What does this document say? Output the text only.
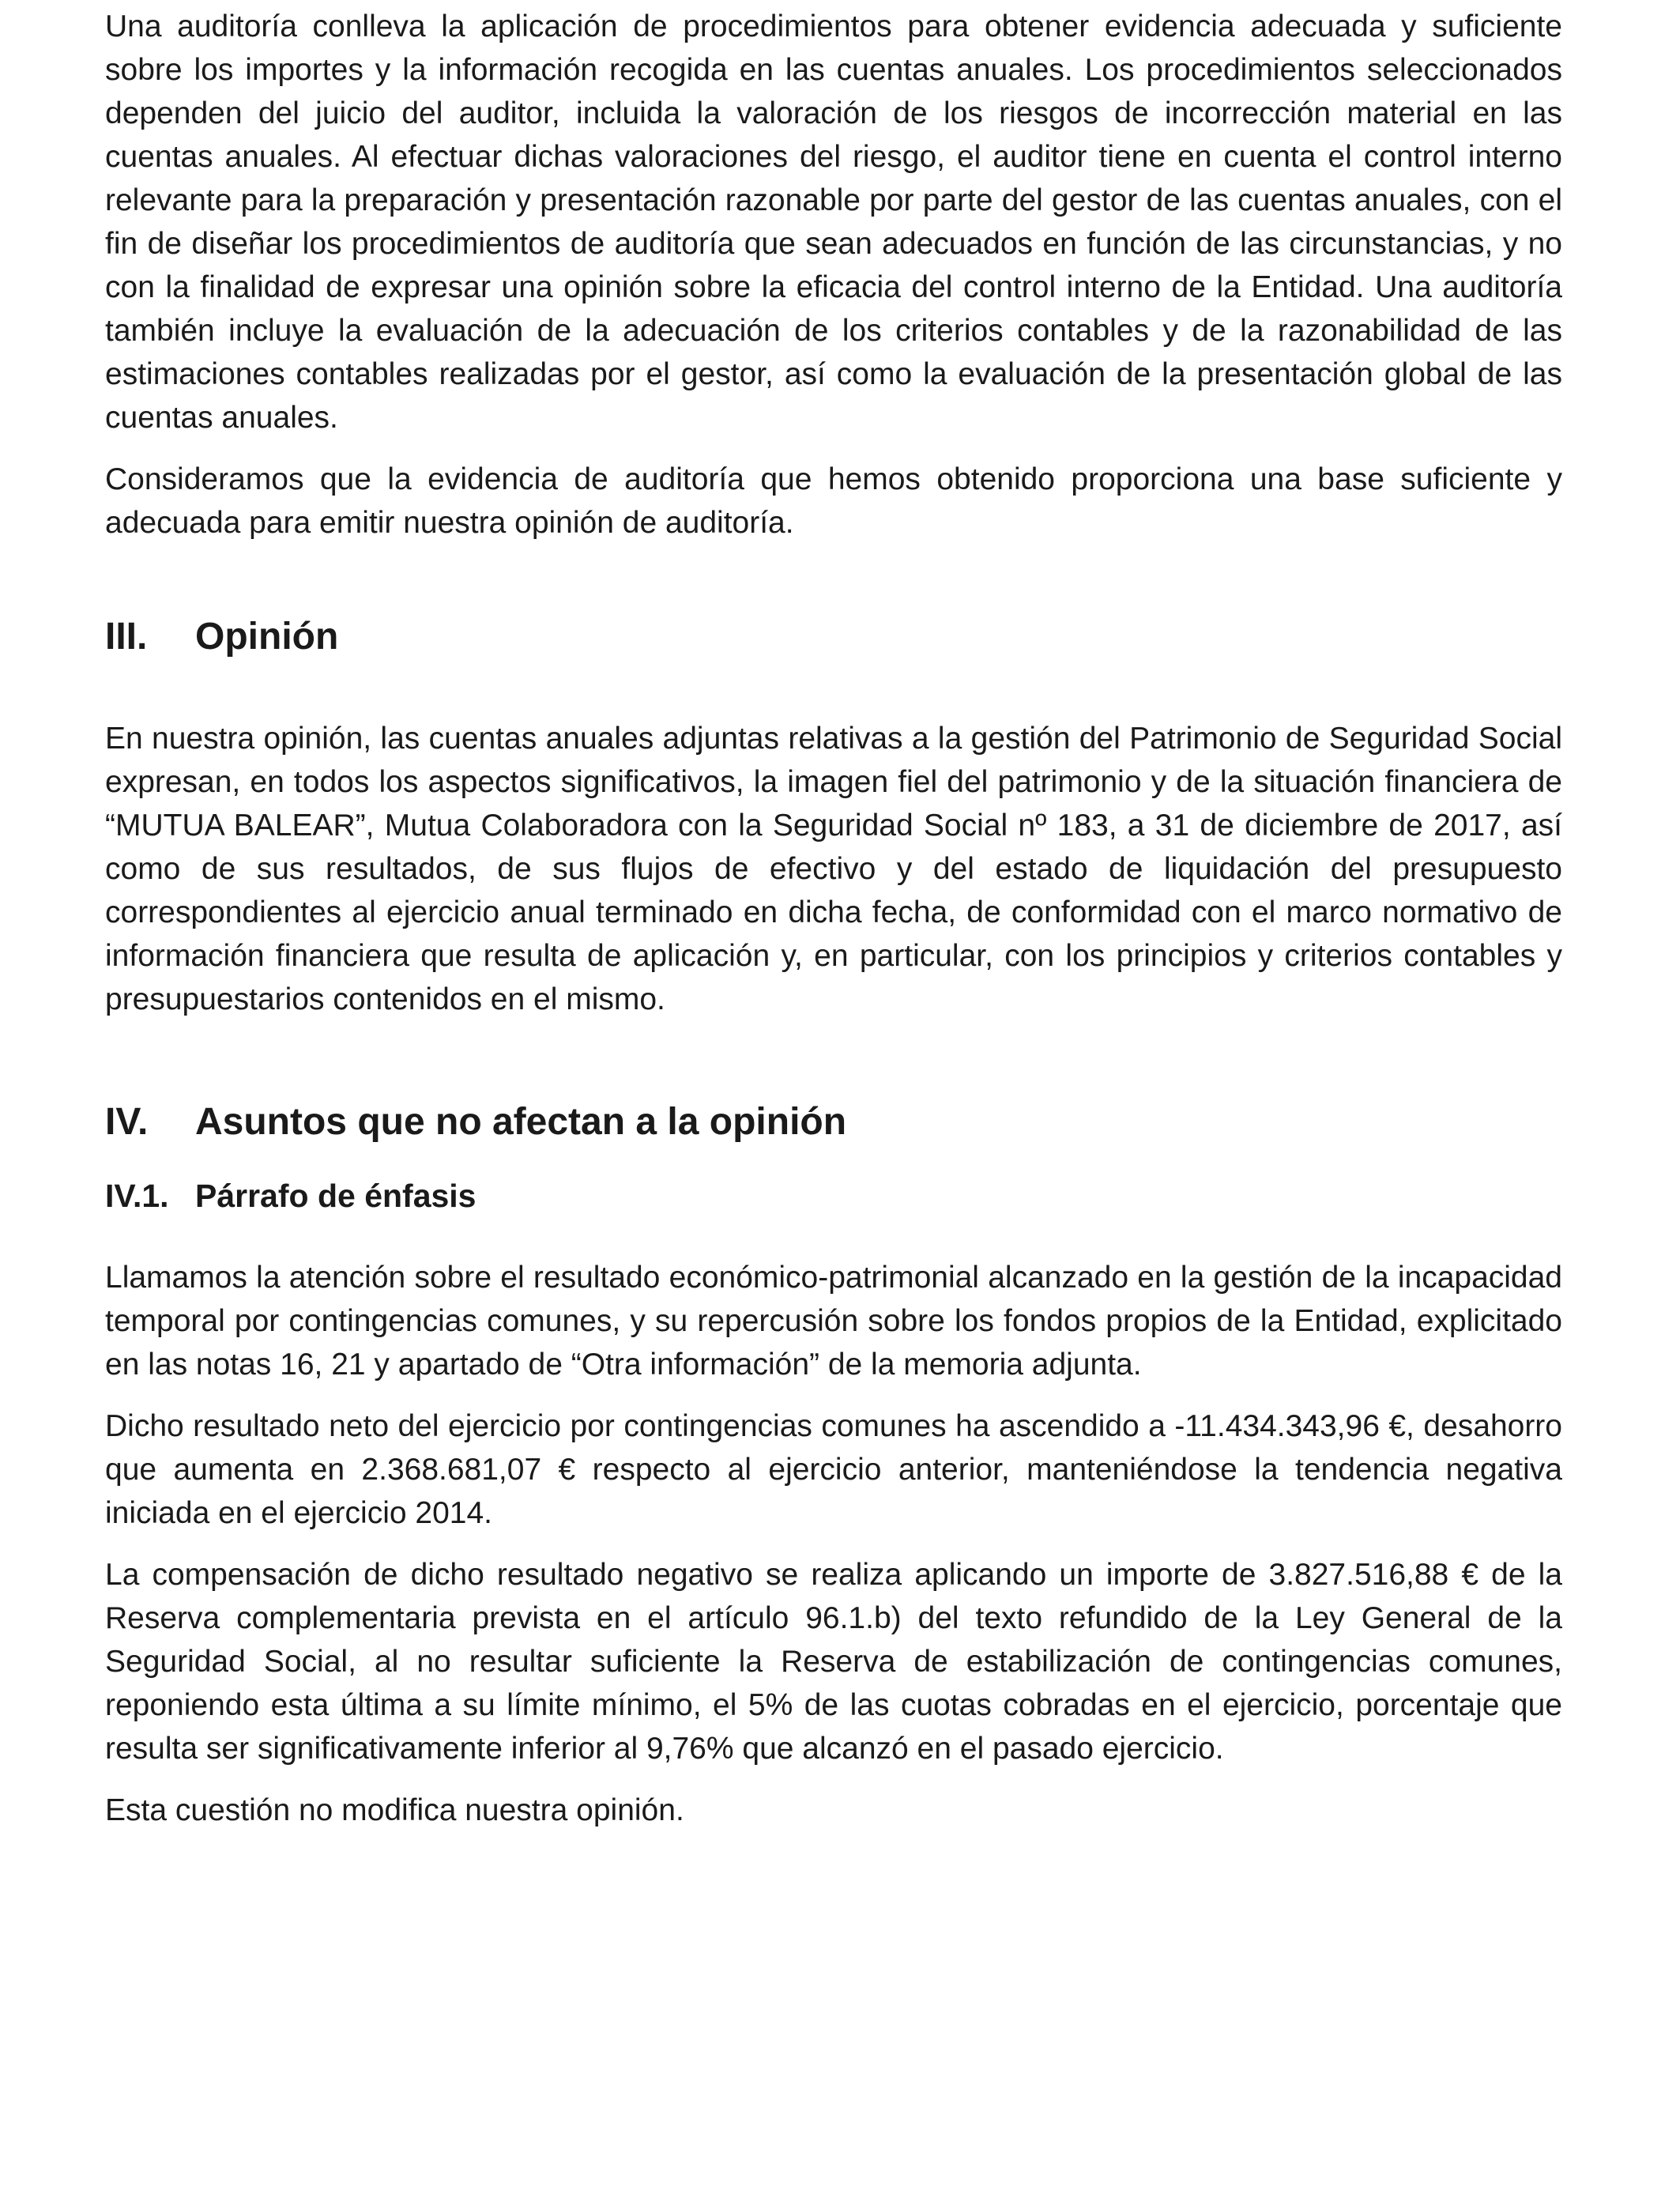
Una auditoría conlleva la aplicación de procedimientos para obtener evidencia adecuada y suficiente sobre los importes y la información recogida en las cuentas anuales. Los procedimientos seleccionados dependen del juicio del auditor, incluida la valoración de los riesgos de incorrección material en las cuentas anuales. Al efectuar dichas valoraciones del riesgo, el auditor tiene en cuenta el control interno relevante para la preparación y presentación razonable por parte del gestor de las cuentas anuales, con el fin de diseñar los procedimientos de auditoría que sean adecuados en función de las circunstancias, y no con la finalidad de expresar una opinión sobre la eficacia del control interno de la Entidad. Una auditoría también incluye la evaluación de la adecuación de los criterios contables y de la razonabilidad de las estimaciones contables realizadas por el gestor, así como la evaluación de la presentación global de las cuentas anuales.

Consideramos que la evidencia de auditoría que hemos obtenido proporciona una base suficiente y adecuada para emitir nuestra opinión de auditoría.

III.	Opinión

En nuestra opinión, las cuentas anuales adjuntas relativas a la gestión del Patrimonio de Seguridad Social expresan, en todos los aspectos significativos, la imagen fiel del patrimonio y de la situación financiera de “MUTUA BALEAR”, Mutua Colaboradora con la Seguridad Social nº 183, a 31 de diciembre de 2017, así como de sus resultados, de sus flujos de efectivo y del estado de liquidación del presupuesto correspondientes al ejercicio anual terminado en dicha fecha, de conformidad con el marco normativo de información financiera que resulta de aplicación y, en particular, con los principios y criterios contables y presupuestarios contenidos en el mismo.

IV.	Asuntos que no afectan a la opinión
IV.1. Párrafo de énfasis

Llamamos la atención sobre el resultado económico-patrimonial alcanzado en la gestión de la incapacidad temporal por contingencias comunes, y su repercusión sobre los fondos propios de la Entidad, explicitado en las notas 16, 21 y apartado de “Otra información” de la memoria adjunta.

Dicho resultado neto del ejercicio por contingencias comunes ha ascendido a -11.434.343,96 €, desahorro que aumenta en 2.368.681,07 € respecto al ejercicio anterior, manteniéndose la tendencia negativa iniciada en el ejercicio 2014.

La compensación de dicho resultado negativo se realiza aplicando un importe de 3.827.516,88 € de la Reserva complementaria prevista en el artículo 96.1.b) del texto refundido de la Ley General de la Seguridad Social, al no resultar suficiente la Reserva de estabilización de contingencias comunes, reponiendo esta última a su límite mínimo, el 5% de las cuotas cobradas en el ejercicio, porcentaje que resulta ser significativamente inferior al 9,76% que alcanzó en el pasado ejercicio.

Esta cuestión no modifica nuestra opinión.
